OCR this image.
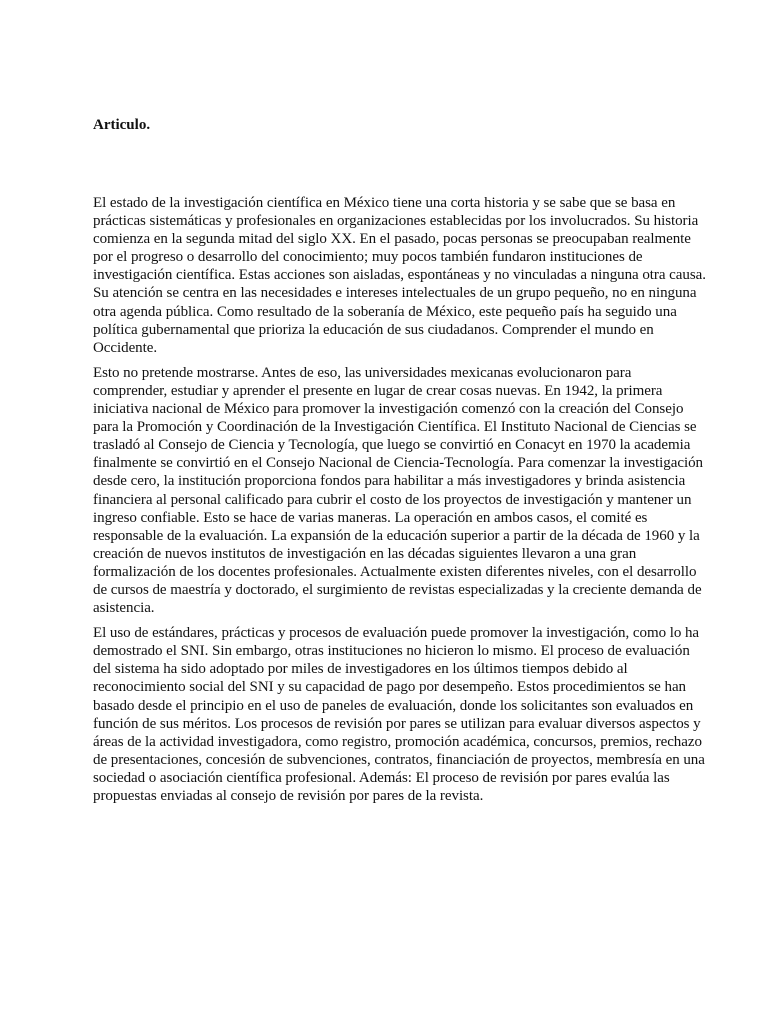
Articulo.

El estado de la investigación científica en México tiene una corta historia y se sabe que se basa en prácticas sistemáticas y profesionales en organizaciones establecidas por los involucrados. Su historia comienza en la segunda mitad del siglo XX. En el pasado, pocas personas se preocupaban realmente por el progreso o desarrollo del conocimiento; muy pocos también fundaron instituciones de investigación científica. Estas acciones son aisladas, espontáneas y no vinculadas a ninguna otra causa. Su atención se centra en las necesidades e intereses intelectuales de un grupo pequeño, no en ninguna otra agenda pública. Como resultado de la soberanía de México, este pequeño país ha seguido una política gubernamental que prioriza la educación de sus ciudadanos. Comprender el mundo en Occidente.

Esto no pretende mostrarse. Antes de eso, las universidades mexicanas evolucionaron para comprender, estudiar y aprender el presente en lugar de crear cosas nuevas. En 1942, la primera iniciativa nacional de México para promover la investigación comenzó con la creación del Consejo para la Promoción y Coordinación de la Investigación Científica. El Instituto Nacional de Ciencias se trasladó al Consejo de Ciencia y Tecnología, que luego se convirtió en Conacyt en 1970 la academia finalmente se convirtió en el Consejo Nacional de Ciencia-Tecnología. Para comenzar la investigación desde cero, la institución proporciona fondos para habilitar a más investigadores y brinda asistencia financiera al personal calificado para cubrir el costo de los proyectos de investigación y mantener un ingreso confiable. Esto se hace de varias maneras. La operación en ambos casos, el comité es responsable de la evaluación. La expansión de la educación superior a partir de la década de 1960 y la creación de nuevos institutos de investigación en las décadas siguientes llevaron a una gran formalización de los docentes profesionales. Actualmente existen diferentes niveles, con el desarrollo de cursos de maestría y doctorado, el surgimiento de revistas especializadas y la creciente demanda de asistencia.

El uso de estándares, prácticas y procesos de evaluación puede promover la investigación, como lo ha demostrado el SNI. Sin embargo, otras instituciones no hicieron lo mismo. El proceso de evaluación del sistema ha sido adoptado por miles de investigadores en los últimos tiempos debido al reconocimiento social del SNI y su capacidad de pago por desempeño. Estos procedimientos se han basado desde el principio en el uso de paneles de evaluación, donde los solicitantes son evaluados en función de sus méritos. Los procesos de revisión por pares se utilizan para evaluar diversos aspectos y áreas de la actividad investigadora, como registro, promoción académica, concursos, premios, rechazo de presentaciones, concesión de subvenciones, contratos, financiación de proyectos, membresía en una sociedad o asociación científica profesional. Además: El proceso de revisión por pares evalúa las propuestas enviadas al consejo de revisión por pares de la revista.
